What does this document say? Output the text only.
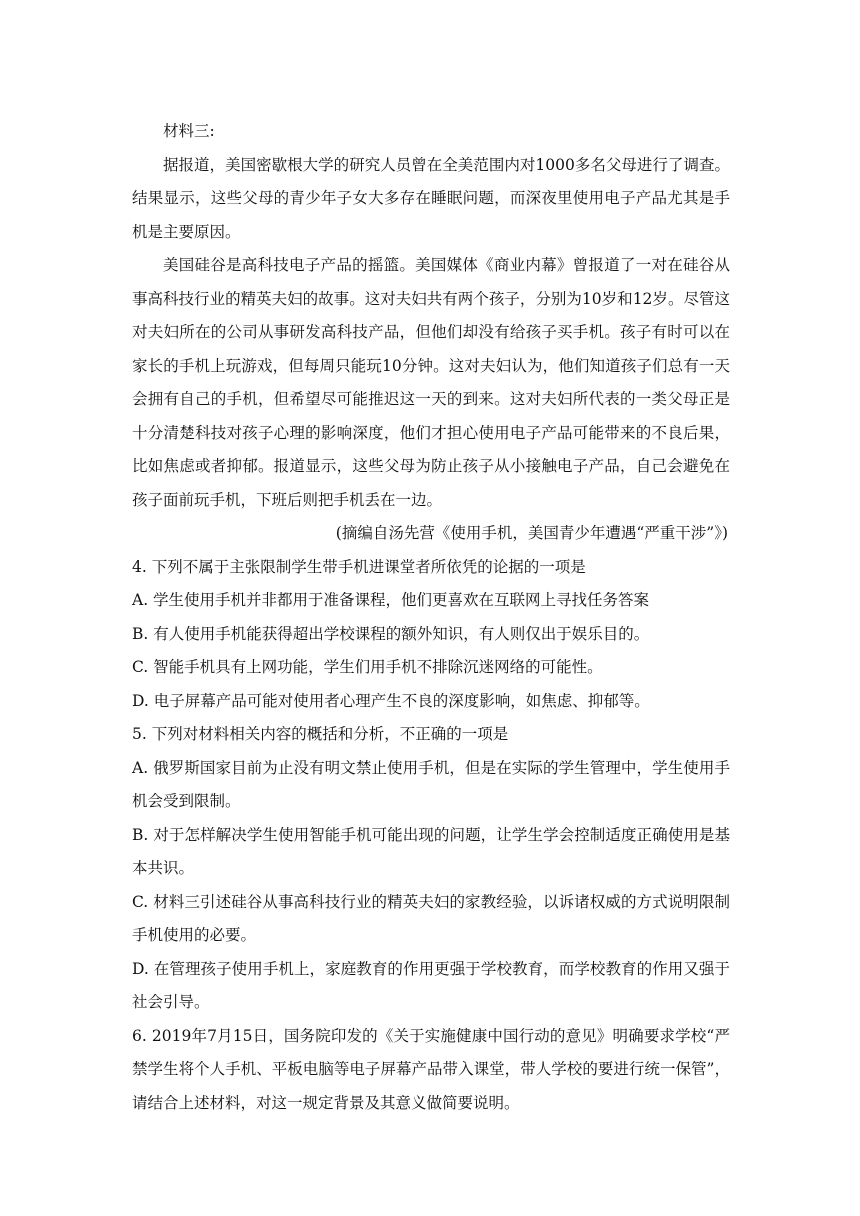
材料三:

据报道，美国密歇根大学的研究人员曾在全美范围内对1000多名父母进行了调查。结果显示，这些父母的青少年子女大多存在睡眠问题，而深夜里使用电子产品尤其是手机是主要原因。

美国硅谷是高科技电子产品的摇篮。美国媒体《商业内幕》曾报道了一对在硅谷从事高科技行业的精英夫妇的故事。这对夫妇共有两个孩子，分别为10岁和12岁。尽管这对夫妇所在的公司从事研发高科技产品，但他们却没有给孩子买手机。孩子有时可以在家长的手机上玩游戏，但每周只能玩10分钟。这对夫妇认为，他们知道孩子们总有一天会拥有自己的手机，但希望尽可能推迟这一天的到来。这对夫妇所代表的一类父母正是十分清楚科技对孩子心理的影响深度，他们才担心使用电子产品可能带来的不良后果，比如焦虑或者抑郁。报道显示，这些父母为防止孩子从小接触电子产品，自己会避免在孩子面前玩手机，下班后则把手机丢在一边。

(摘编自汤先营《使用手机，美国青少年遭遇“严重干涉”》)

4. 下列不属于主张限制学生带手机进课堂者所依凭的论据的一项是

A. 学生使用手机并非都用于准备课程，他们更喜欢在互联网上寻找任务答案

B. 有人使用手机能获得超出学校课程的额外知识，有人则仅出于娱乐目的。

C. 智能手机具有上网功能，学生们用手机不排除沉迷网络的可能性。

D. 电子屏幕产品可能对使用者心理产生不良的深度影响，如焦虑、抑郁等。

5. 下列对材料相关内容的概括和分析，不正确的一项是

A. 俄罗斯国家目前为止没有明文禁止使用手机，但是在实际的学生管理中，学生使用手机会受到限制。

B. 对于怎样解决学生使用智能手机可能出现的问题，让学生学会控制适度正确使用是基本共识。

C. 材料三引述硅谷从事高科技行业的精英夫妇的家教经验，以诉诸权威的方式说明限制手机使用的必要。

D. 在管理孩子使用手机上，家庭教育的作用更强于学校教育，而学校教育的作用又强于社会引导。

6. 2019年7月15日，国务院印发的《关于实施健康中国行动的意见》明确要求学校“严禁学生将个人手机、平板电脑等电子屏幕产品带入课堂，带人学校的要进行统一保管”，请结合上述材料，对这一规定背景及其意义做简要说明。
